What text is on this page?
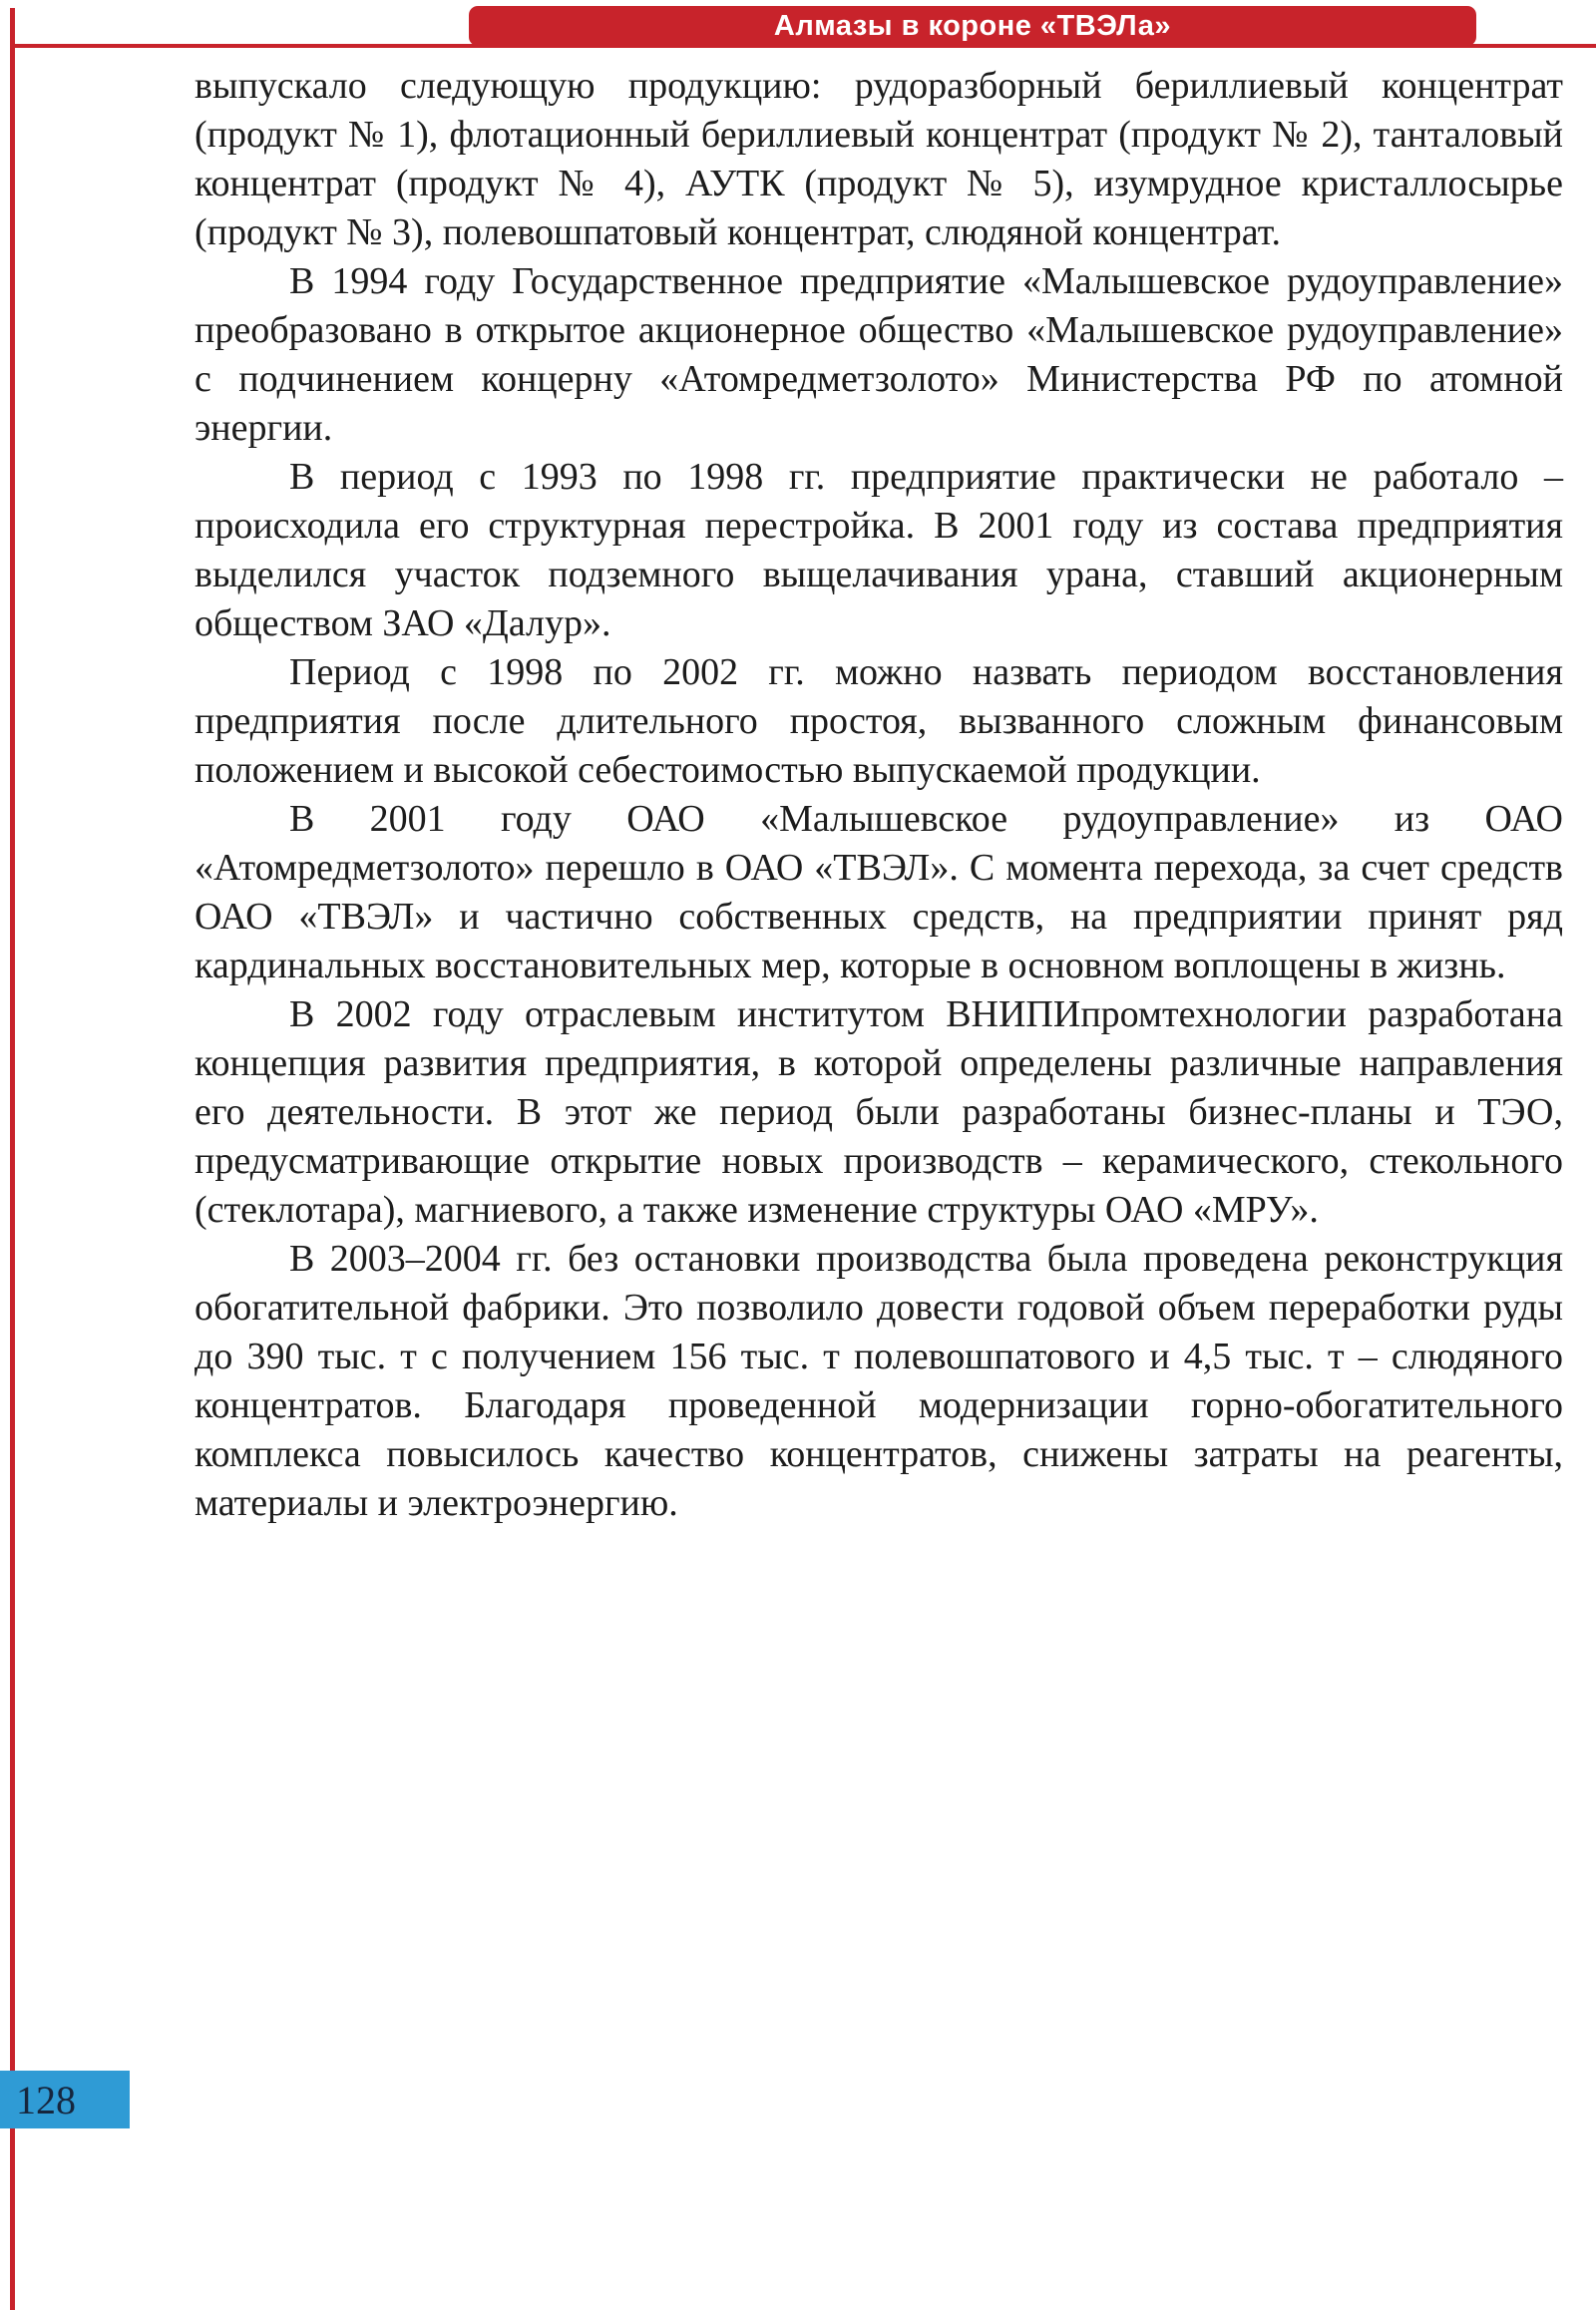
Алмазы в короне «ТВЭЛа»

выпускало следующую продукцию: рудоразборный бериллиевый концентрат (продукт № 1), флотационный бериллиевый концентрат (продукт № 2), танталовый концентрат (продукт № 4), АУТК (продукт № 5), изумрудное кристаллосырье (продукт № 3), полевошпатовый концентрат, слюдяной концентрат.

В 1994 году Государственное предприятие «Малышевское рудоуправление» преобразовано в открытое акционерное общество «Малышевское рудоуправление» с подчинением концерну «Атомредметзолото» Министерства РФ по атомной энергии.

В период с 1993 по 1998 гг. предприятие практически не работало – происходила его структурная перестройка. В 2001 году из состава предприятия выделился участок подземного выщелачивания урана, ставший акционерным обществом ЗАО «Далур».

Период с 1998 по 2002 гг. можно назвать периодом восстановления предприятия после длительного простоя, вызванного сложным финансовым положением и высокой себестоимостью выпускаемой продукции.

В 2001 году ОАО «Малышевское рудоуправление» из ОАО «Атомредметзолото» перешло в ОАО «ТВЭЛ». С момента перехода, за счет средств ОАО «ТВЭЛ» и частично собственных средств, на предприятии принят ряд кардинальных восстановительных мер, которые в основном воплощены в жизнь.

В 2002 году отраслевым институтом ВНИПИпромтехнологии разработана концепция развития предприятия, в которой определены различные направления его деятельности. В этот же период были разработаны бизнес-планы и ТЭО, предусматривающие открытие новых производств – керамического, стекольного (стеклотара), магниевого, а также изменение структуры ОАО «МРУ».

В 2003–2004 гг. без остановки производства была проведена реконструкция обогатительной фабрики. Это позволило довести годовой объем переработки руды до 390 тыс. т с получением 156 тыс. т полевошпатового и 4,5 тыс. т – слюдяного концентратов. Благодаря проведенной модернизации горно-обогатительного комплекса повысилось качество концентратов, снижены затраты на реагенты, материалы и электроэнергию.

128
